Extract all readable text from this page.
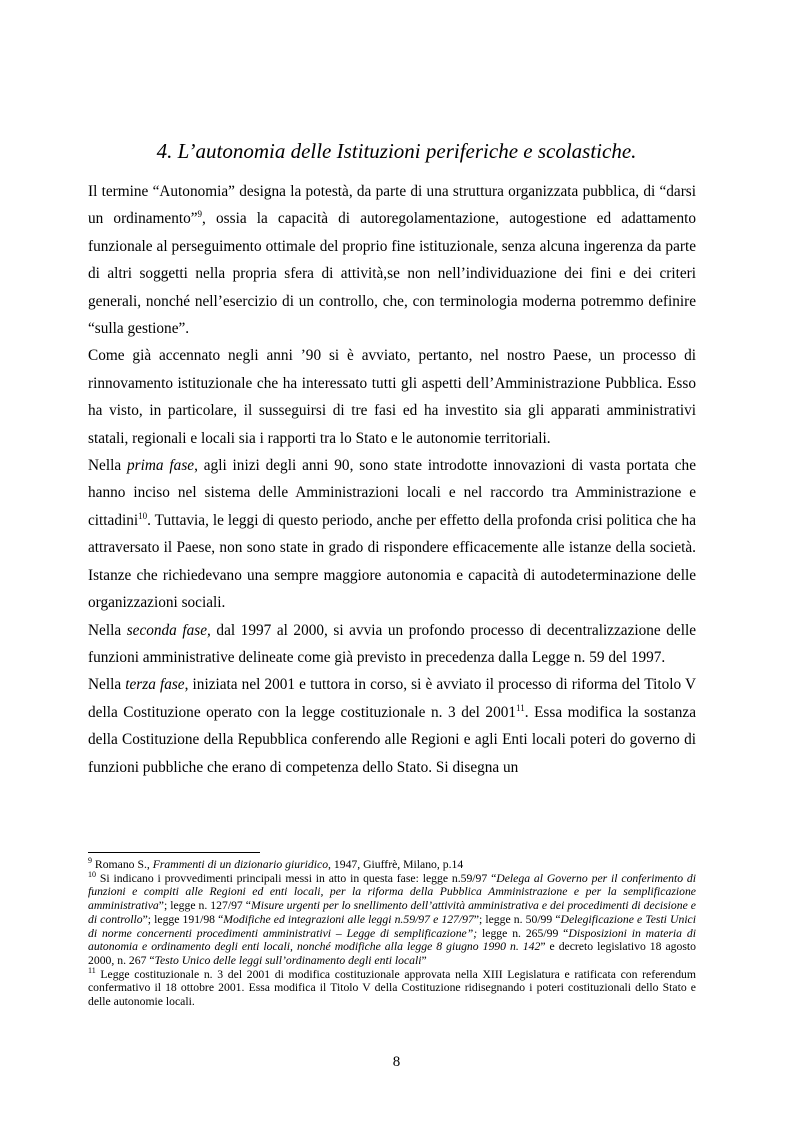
4. L’autonomia delle Istituzioni periferiche e scolastiche.

Il termine “Autonomia” designa la potestà, da parte di una struttura organizzata pubblica, di “darsi un ordinamento”$^9$, ossia la capacità di autoregolamentazione, autogestione ed adattamento funzionale al perseguimento ottimale del proprio fine istituzionale, senza alcuna ingerenza da parte di altri soggetti nella propria sfera di attività,se non nell’individuazione dei fini e dei criteri generali, nonché nell’esercizio di un controllo, che, con terminologia moderna potremmo definire “sulla gestione”.

Come già accennato negli anni ’90 si è avviato, pertanto, nel nostro Paese, un processo di rinnovamento istituzionale che ha interessato tutti gli aspetti dell’Amministrazione Pubblica. Esso ha visto, in particolare, il susseguirsi di tre fasi ed ha investito sia gli apparati amministrativi statali, regionali e locali sia i rapporti tra lo Stato e le autonomie territoriali.

Nella prima fase, agli inizi degli anni 90, sono state introdotte innovazioni di vasta portata che hanno inciso nel sistema delle Amministrazioni locali e nel raccordo tra Amministrazione e cittadini$^{10}$. Tuttavia, le leggi di questo periodo, anche per effetto della profonda crisi politica che ha attraversato il Paese, non sono state in grado di rispondere efficacemente alle istanze della società. Istanze che richiedevano una sempre maggiore autonomia e capacità di autodeterminazione delle organizzazioni sociali.

Nella seconda fase, dal 1997 al 2000, si avvia un profondo processo di decentralizzazione delle funzioni amministrative delineate come già previsto in precedenza dalla Legge n. 59 del 1997.

Nella terza fase, iniziata nel 2001 e tuttora in corso, si è avviato il processo di riforma del Titolo V della Costituzione operato con la legge costituzionale n. 3 del 2001$^{11}$. Essa modifica la sostanza della Costituzione della Repubblica conferendo alle Regioni e agli Enti locali poteri do governo di funzioni pubbliche che erano di competenza dello Stato. Si disegna un

$^9$ Romano S., Frammenti di un dizionario giuridico, 1947, Giuffrè, Milano, p.14

$^{10}$ Si indicano i provvedimenti principali messi in atto in questa fase: legge n.59/97 “Delega al Governo per il conferimento di funzioni e compiti alle Regioni ed enti locali, per la riforma della Pubblica Amministrazione e per la semplificazione amministrativa”; legge n. 127/97 “Misure urgenti per lo snellimento dell’attività amministrativa e dei procedimenti di decisione e di controllo”; legge 191/98 “Modifiche ed integrazioni alle leggi n.59/97 e 127/97”; legge n. 50/99 “Delegificazione e Testi Unici di norme concernenti procedimenti amministrativi – Legge di semplificazione”; legge n. 265/99 “Disposizioni in materia di autonomia e ordinamento degli enti locali, nonché modifiche alla legge 8 giugno 1990 n. 142” e decreto legislativo 18 agosto 2000, n. 267 “Testo Unico delle leggi sull’ordinamento degli enti locali”

$^{11}$ Legge costituzionale n. 3 del 2001 di modifica costituzionale approvata nella XIII Legislatura e ratificata con referendum confermativo il 18 ottobre 2001. Essa modifica il Titolo V della Costituzione ridisegnando i poteri costituzionali dello Stato e delle autonomie locali.

8
